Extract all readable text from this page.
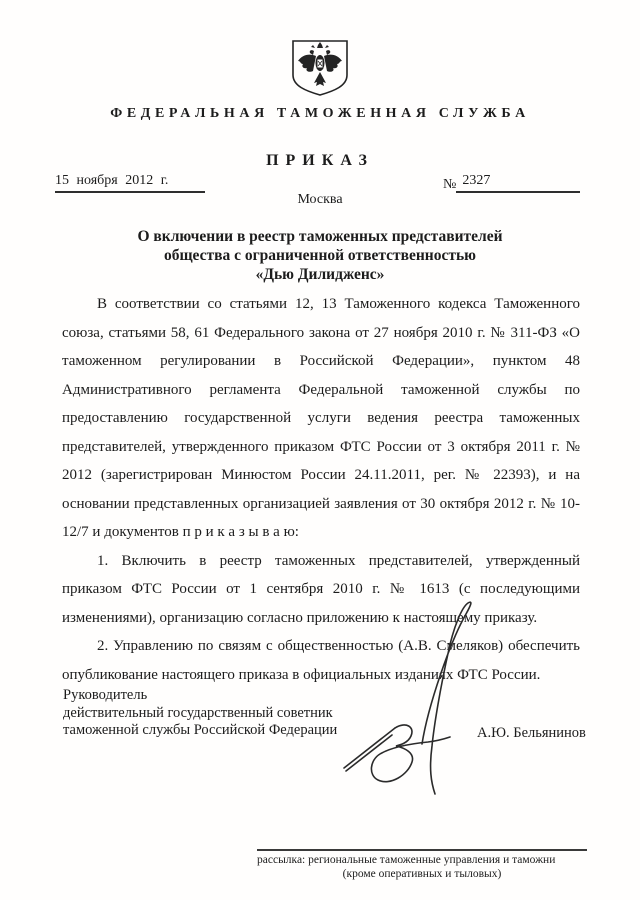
ФЕДЕРАЛЬНАЯ ТАМОЖЕННАЯ СЛУЖБА
ПРИКАЗ
15 ноября 2012 г.	№ 2327
Москва
О включении в реестр таможенных представителей
общества с ограниченной ответственностью
«Дью Дилидженс»

В соответствии со статьями 12, 13 Таможенного кодекса Таможенного союза, статьями 58, 61 Федерального закона от 27 ноября 2010 г. № 311-ФЗ «О таможенном регулировании в Российской Федерации», пунктом 48 Административного регламента Федеральной таможенной службы по предоставлению государственной услуги ведения реестра таможенных представителей, утвержденного приказом ФТС России от 3 октября 2011 г. № 2012 (зарегистрирован Минюстом России 24.11.2011, рег. № 22393), и на основании представленных организацией заявления от 30 октября 2012 г. № 10-12/7 и документов п р и к а з ы в а ю:

1. Включить в реестр таможенных представителей, утвержденный приказом ФТС России от 1 сентября 2010 г. № 1613 (с последующими изменениями), организацию согласно приложению к настоящему приказу.

2. Управлению по связям с общественностью (А.В. Смеляков) обеспечить опубликование настоящего приказа в официальных изданиях ФТС России.

Руководитель
действительный государственный советник
таможенной службы Российской Федерации	А.Ю. Бельянинов
рассылка: региональные таможенные управления и таможни
(кроме оперативных и тыловых)
